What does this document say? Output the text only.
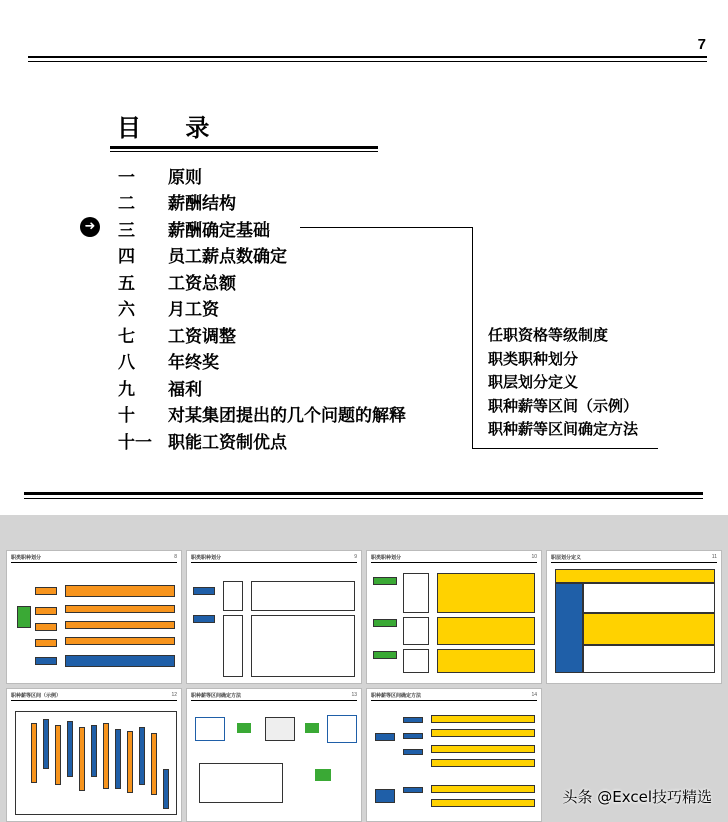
7
目 录
➜
一	原则
二	薪酬结构
三	薪酬确定基础
四	员工薪点数确定
五	工资总额
六	月工资
七	工资调整
八	年终奖
九	福利
十	对某集团提出的几个问题的解释
十一 职能工资制优点
任职资格等级制度
职类职种划分
职层划分定义
职种薪等区间（示例）
职种薪等区间确定方法
职类职种划分	8	职类职种划分	9	职类职种划分	10	职层划分定义	11
职种薪等区间（示例）	12	职种薪等区间确定方法	13	职种薪等区间确定方法	14
头条 @Excel技巧精选
